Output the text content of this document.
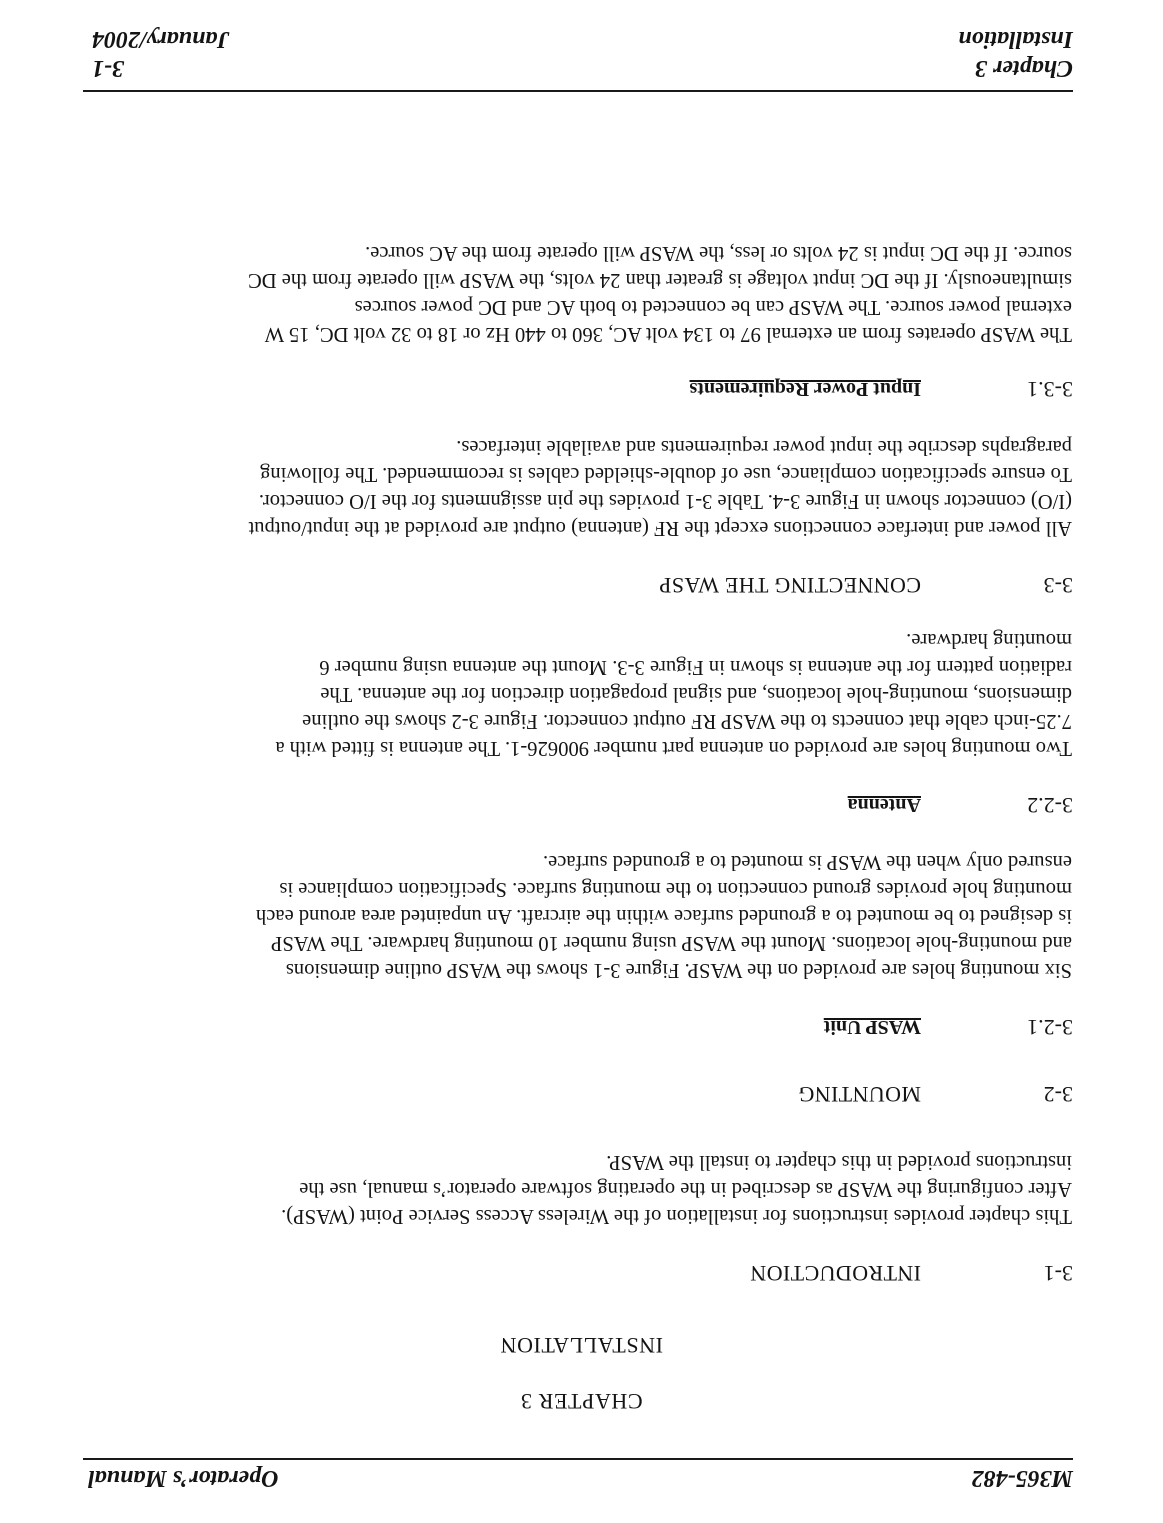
M365-482
Operator’s Manual
CHAPTER 3
INSTALLATION
3-1
INTRODUCTION

This chapter provides instructions for installation of the Wireless Access Service Point (WASP).
After configuring the WASP as described in the operating software operator’s manual, use the
instructions provided in this chapter to install the WASP.

3-2
MOUNTING
3-2.1
WASP Unit

Six mounting holes are provided on the WASP. Figure 3-1 shows the WASP outline dimensions
and mounting-hole locations. Mount the WASP using number 10 mounting hardware. The WASP
is designed to be mounted to a grounded surface within the aircraft. An unpainted area around each
mounting hole provides ground connection to the mounting surface. Specification compliance is
ensured only when the WASP is mounted to a grounded surface.

3-2.2
Antenna

Two mounting holes are provided on antenna part number 900626-1. The antenna is fitted with a
7.25-inch cable that connects to the WASP RF output connector. Figure 3-2 shows the outline
dimensions, mounting-hole locations, and signal propagation direction for the antenna. The
radiation pattern for the antenna is shown in Figure 3-3. Mount the antenna using number 6
mounting hardware.

3-3
CONNECTING THE WASP

All power and interface connections except the RF (antenna) output are provided at the input/output
(I/O) connector shown in Figure 3-4. Table 3-1 provides the pin assignments for the I/O connector.
To ensure specification compliance, use of double-shielded cables is recommended. The following
paragraphs describe the input power requirements and available interfaces.

3-3.1
Input Power Requirements

The WASP operates from an external 97 to 134 volt AC, 360 to 440 Hz or 18 to 32 volt DC, 15 W
external power source. The WASP can be connected to both AC and DC power sources
simultaneously. If the DC input voltage is greater than 24 volts, the WASP will operate from the DC
source. If the DC input is 24 volts or less, the WASP will operate from the AC source.

Chapter 3
Installation
3-1
January/2004
